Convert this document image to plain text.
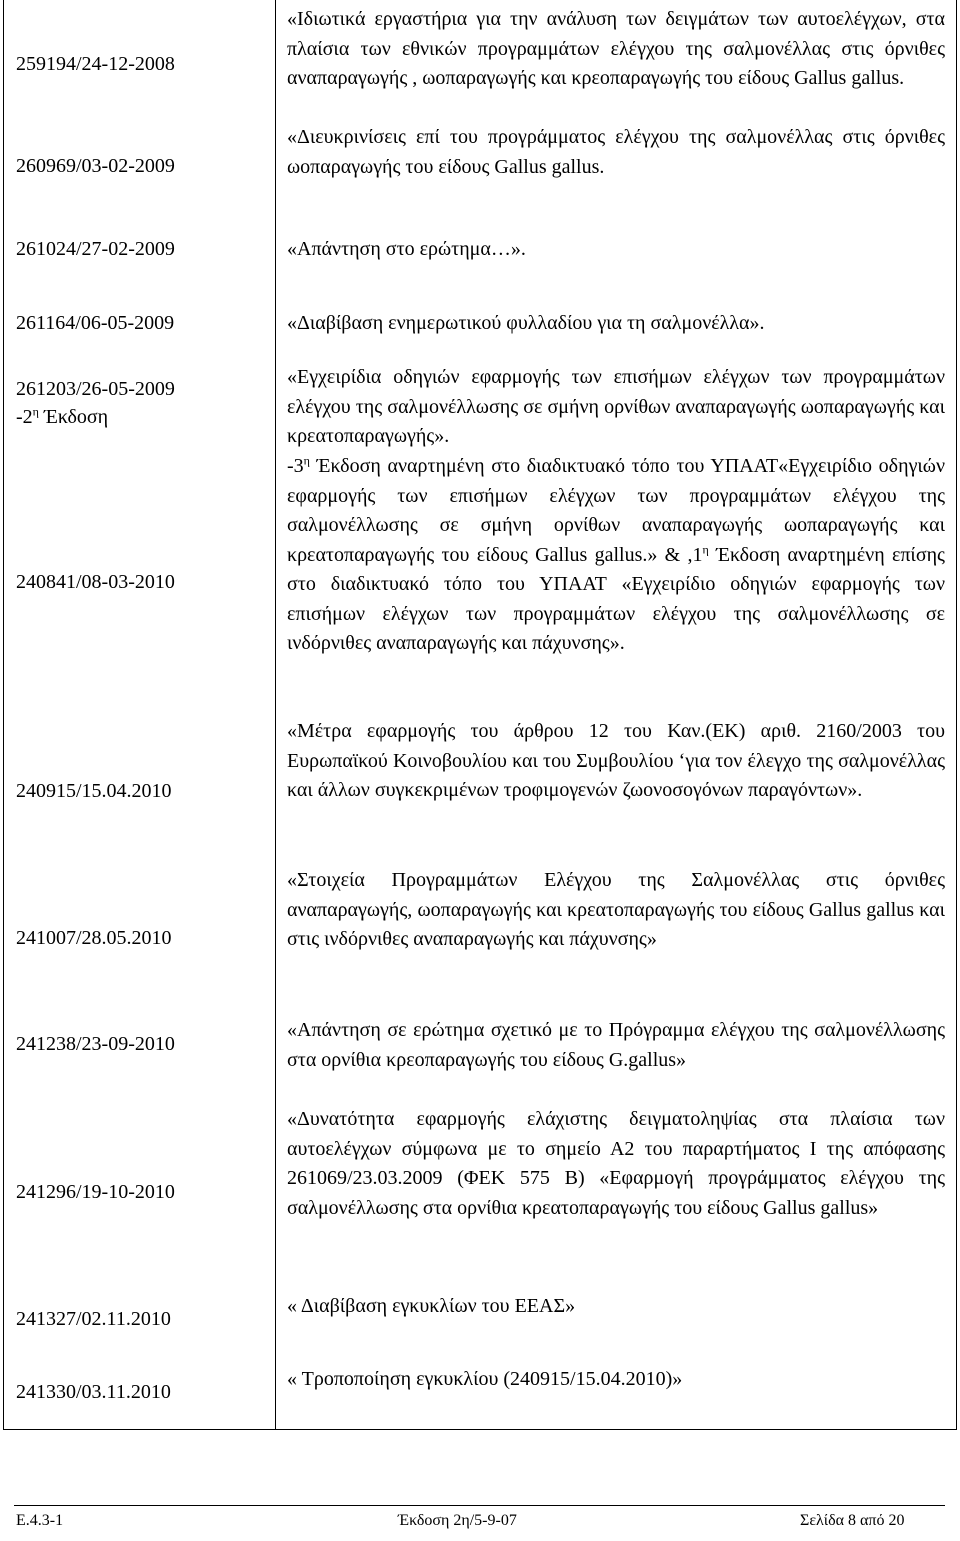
259194/24-12-2008
260969/03-02-2009
261024/27-02-2009
261164/06-05-2009
261203/26-05-2009
$-2^\eta$ Έκδοση
240841/08-03-2010
240915/15.04.2010
241007/28.05.2010
241238/23-09-2010
241296/19-10-2010
241327/02.11.2010
241330/03.11.2010
«Ιδιωτικά εργαστήρια για την ανάλυση των δειγμάτων των αυτοελέγχων, στα πλαίσια των εθνικών προγραμμάτων ελέγχου της σαλμονέλλας στις όρνιθες αναπαραγωγής , ωοπαραγωγής και κρεοπαραγωγής του είδους Gallus gallus.
«Διευκρινίσεις επί του προγράμματος ελέγχου της σαλμονέλλας στις όρνιθες ωοπαραγωγής του είδους Gallus gallus.
«Απάντηση στο ερώτημα…».
«Διαβίβαση ενημερωτικού φυλλαδίου για τη σαλμονέλλα».
«Εγχειρίδια οδηγιών εφαρμογής των επισήμων ελέγχων των προγραμμάτων ελέγχου της σαλμονέλλωσης σε σμήνη ορνίθων αναπαραγωγής ωοπαραγωγής και κρεατοπαραγωγής».
$-3^\eta$ Έκδοση αναρτημένη στο διαδικτυακό τόπο του ΥΠΑΑΤ«Εγχειρίδιο οδηγιών εφαρμογής των επισήμων ελέγχων των προγραμμάτων ελέγχου της σαλμονέλλωσης σε σμήνη ορνίθων αναπαραγωγής ωοπαραγωγής και κρεατοπαραγωγής του είδους Gallus gallus.» & $,1^\eta$ Έκδοση αναρτημένη επίσης στο διαδικτυακό τόπο του ΥΠΑΑΤ «Εγχειρίδιο οδηγιών εφαρμογής των επισήμων ελέγχων των προγραμμάτων ελέγχου της σαλμονέλλωσης σε ινδόρνιθες αναπαραγωγής και πάχυνσης».
«Μέτρα εφαρμογής του άρθρου 12 του Καν.(ΕΚ) αριθ. 2160/2003 του Ευρωπαϊκού Κοινοβουλίου και του Συμβουλίου ‘για τον έλεγχο της σαλμονέλλας και άλλων συγκεκριμένων τροφιμογενών ζωονοσογόνων παραγόντων».
«Στοιχεία Προγραμμάτων Ελέγχου της Σαλμονέλλας στις όρνιθες αναπαραγωγής, ωοπαραγωγής και κρεατοπαραγωγής του είδους Gallus gallus και στις ινδόρνιθες αναπαραγωγής και πάχυνσης»
«Απάντηση σε ερώτημα σχετικό με το Πρόγραμμα ελέγχου της σαλμονέλλωσης στα ορνίθια κρεοπαραγωγής του είδους G.gallus»
«Δυνατότητα εφαρμογής ελάχιστης δειγματοληψίας στα πλαίσια των αυτοελέγχων σύμφωνα με το σημείο Α2 του παραρτήματος Ι της απόφασης 261069/23.03.2009 (ΦΕΚ 575 Β) «Εφαρμογή προγράμματος ελέγχου της σαλμονέλλωσης στα ορνίθια κρεατοπαραγωγής του είδους Gallus gallus»
« Διαβίβαση εγκυκλίων του ΕΕΑΣ»
« Τροποποίηση εγκυκλίου (240915/15.04.2010)»
Ε.4.3-1	Έκδοση 2η/5-9-07	Σελίδα 8 από 20
